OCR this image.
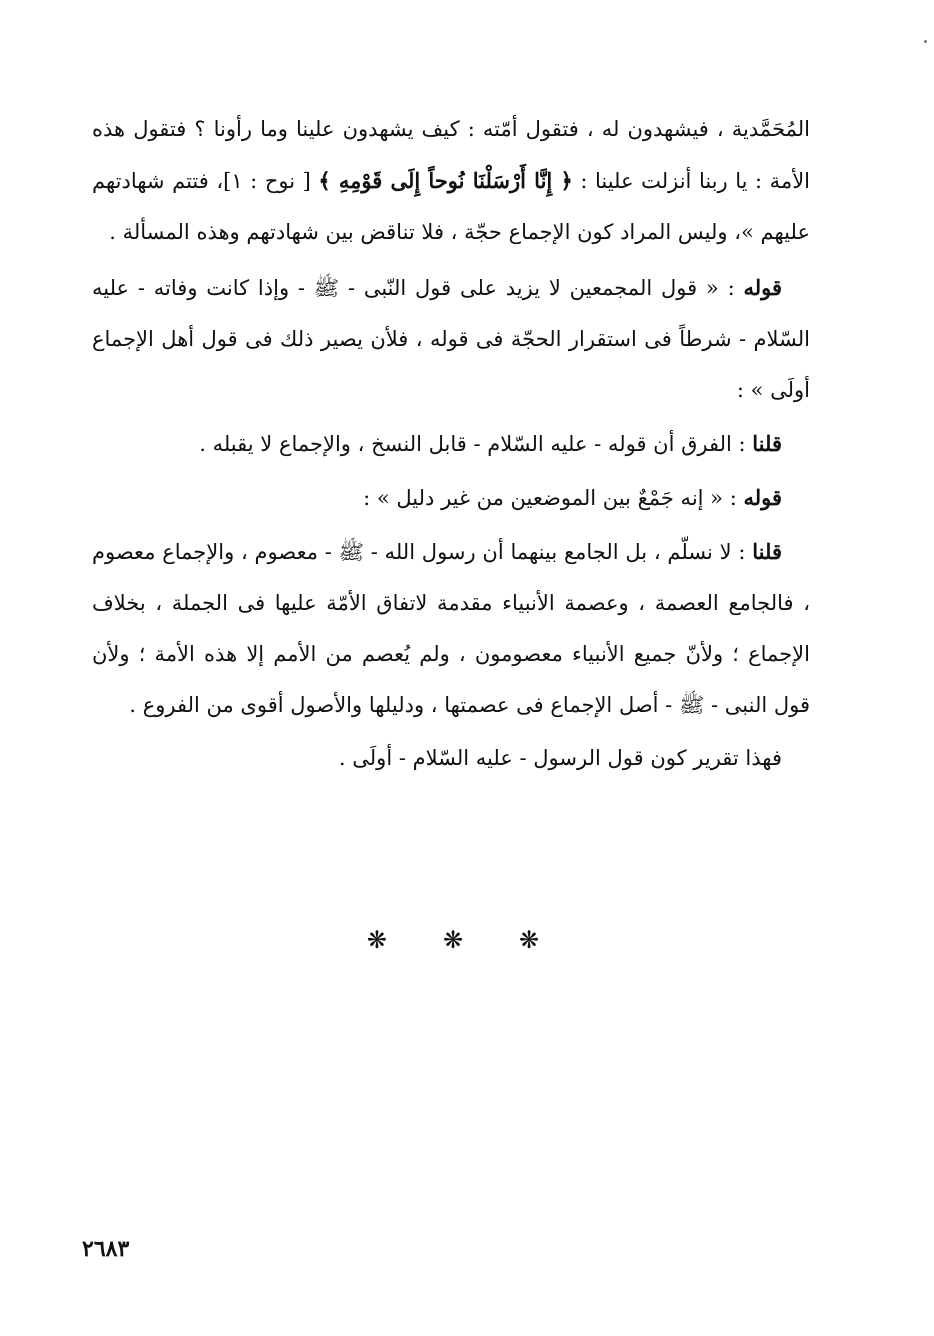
المُحَمَّدية ، فيشهدون له ، فتقول أمّته : كيف يشهدون علينا وما رأونا ؟ فتقول هذه الأمة : يا ربنا أنزلت علينا : ﴿ إِنَّا أَرْسَلْنَا نُوحاً إِلَى قَوْمِهِ ﴾ [ نوح : ١]، فتتم شهادتهم عليهم »، وليس المراد كون الإجماع حجّة ، فلا تناقض بين شهادتهم وهذه المسألة .

قوله : « قول المجمعين لا يزيد على قول النّبى - ﷺ - وإذا كانت وفاته - عليه السّلام - شرطاً فى استقرار الحجّة فى قوله ، فلأن يصير ذلك فى قول أهل الإجماع أولَى » :

قلنا : الفرق أن قوله - عليه السّلام - قابل النسخ ، والإجماع لا يقبله .

قوله : « إنه جَمْعٌ بين الموضعين من غير دليل » :

قلنا : لا نسلّم ، بل الجامع بينهما أن رسول الله - ﷺ - معصوم ، والإجماع معصوم ، فالجامع العصمة ، وعصمة الأنبياء مقدمة لاتفاق الأمّة عليها فى الجملة ، بخلاف الإجماع ؛ ولأنّ جميع الأنبياء معصومون ، ولم يُعصم من الأمم إلا هذه الأمة ؛ ولأن قول النبى - ﷺ - أصل الإجماع فى عصمتها ، ودليلها والأصول أقوى من الفروع .

فهذا تقرير كون قول الرسول - عليه السّلام - أولَى .

❋❋❋
٢٦٨٣
